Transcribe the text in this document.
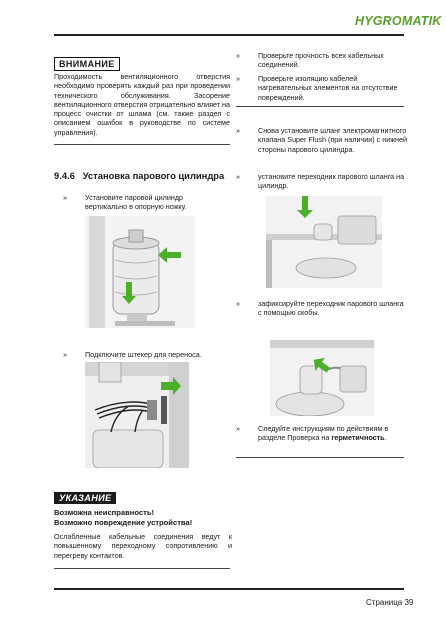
HYGROMATIK
ВНИМАНИЕ
Проходимость вентиляционного отверстия необходимо проверять каждый раз при проведении технического обслуживания. Засорение вентиляционного отверстия отрицательно влияет на процесс очистки от шлама (см. также раздел с описанием ошибок в руководстве по системе управления).
9.4.6 Установка парового цилиндра
»	Установите паровой цилиндр вертикально в опорную ножку.
»	Подключите штекер для переноса.
»	Проверьте прочность всех кабельных соединений.
»	Проверьте изоляцию кабелей нагревательных элементов на отсутствие повреждений.
»	Снова установите шланг электромагнитного клапана Super Flush (при наличии) с нижней стороны парового цилиндра.
»	установите переходник парового шланга на цилиндр.
»	зафиксируйте переходник парового шланга с помощью скобы.
»	Следуйте инструкциям по действиям в разделе Проверка на герметичность.
УКАЗАНИЕ
Возможна неисправность!
Возможно повреждение устройства!
Ослабленные кабельные соединения ведут к повышенному переходному сопротивлению и перегреву контактов.
Страница 39
